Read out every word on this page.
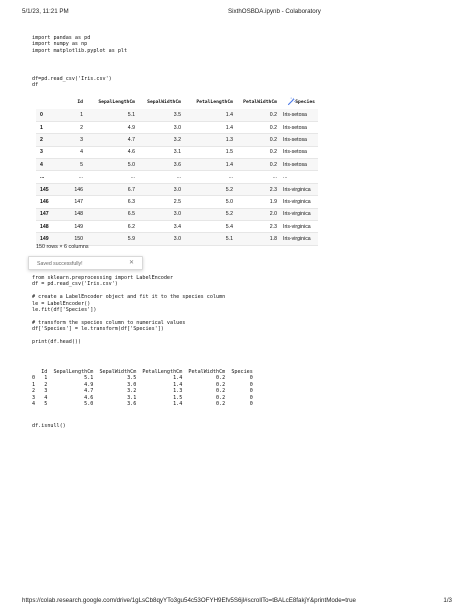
5/1/23, 11:21 PM	SixthOSBDA.ipynb - Colaboratory
import pandas as pd
import numpy as np
import matplotlib.pyplot as plt
df=pd.read_csv('Iris.csv')
df
	Id	SepalLengthCm	SepalWidthCm	PetalLengthCm	PetalWidthCm	Species
0	1	5.1	3.5	1.4	0.2	Iris-setosa
1	2	4.9	3.0	1.4	0.2	Iris-setosa
2	3	4.7	3.2	1.3	0.2	Iris-setosa
3	4	4.6	3.1	1.5	0.2	Iris-setosa
4	5	5.0	3.6	1.4	0.2	Iris-setosa
...	...	...	...	...	...	...
145	146	6.7	3.0	5.2	2.3	Iris-virginica
146	147	6.3	2.5	5.0	1.9	Iris-virginica
147	148	6.5	3.0	5.2	2.0	Iris-virginica
148	149	6.2	3.4	5.4	2.3	Iris-virginica
149	150	5.9	3.0	5.1	1.8	Iris-virginica
150 rows × 6 columns
Saved successfully!	✕
from sklearn.preprocessing import LabelEncoder
df = pd.read_csv('Iris.csv')

# create a LabelEncoder object and fit it to the species column
le = LabelEncoder()
le.fit(df['Species'])

# transform the species column to numerical values
df['Species'] = le.transform(df['Species'])

print(df.head())
Id  SepalLengthCm  SepalWidthCm  PetalLengthCm  PetalWidthCm  Species
0   1            5.1           3.5            1.4           0.2        0
1   2            4.9           3.0            1.4           0.2        0
2   3            4.7           3.2            1.3           0.2        0
3   4            4.6           3.1            1.5           0.2        0
4   5            5.0           3.6            1.4           0.2        0
df.isnull()
https://colab.research.google.com/drive/1gLsCb8qyYTo3gu54c53OFYH9Efv5S6jl#scrollTo=tBALcE8fakjY&printMode=true	1/3
